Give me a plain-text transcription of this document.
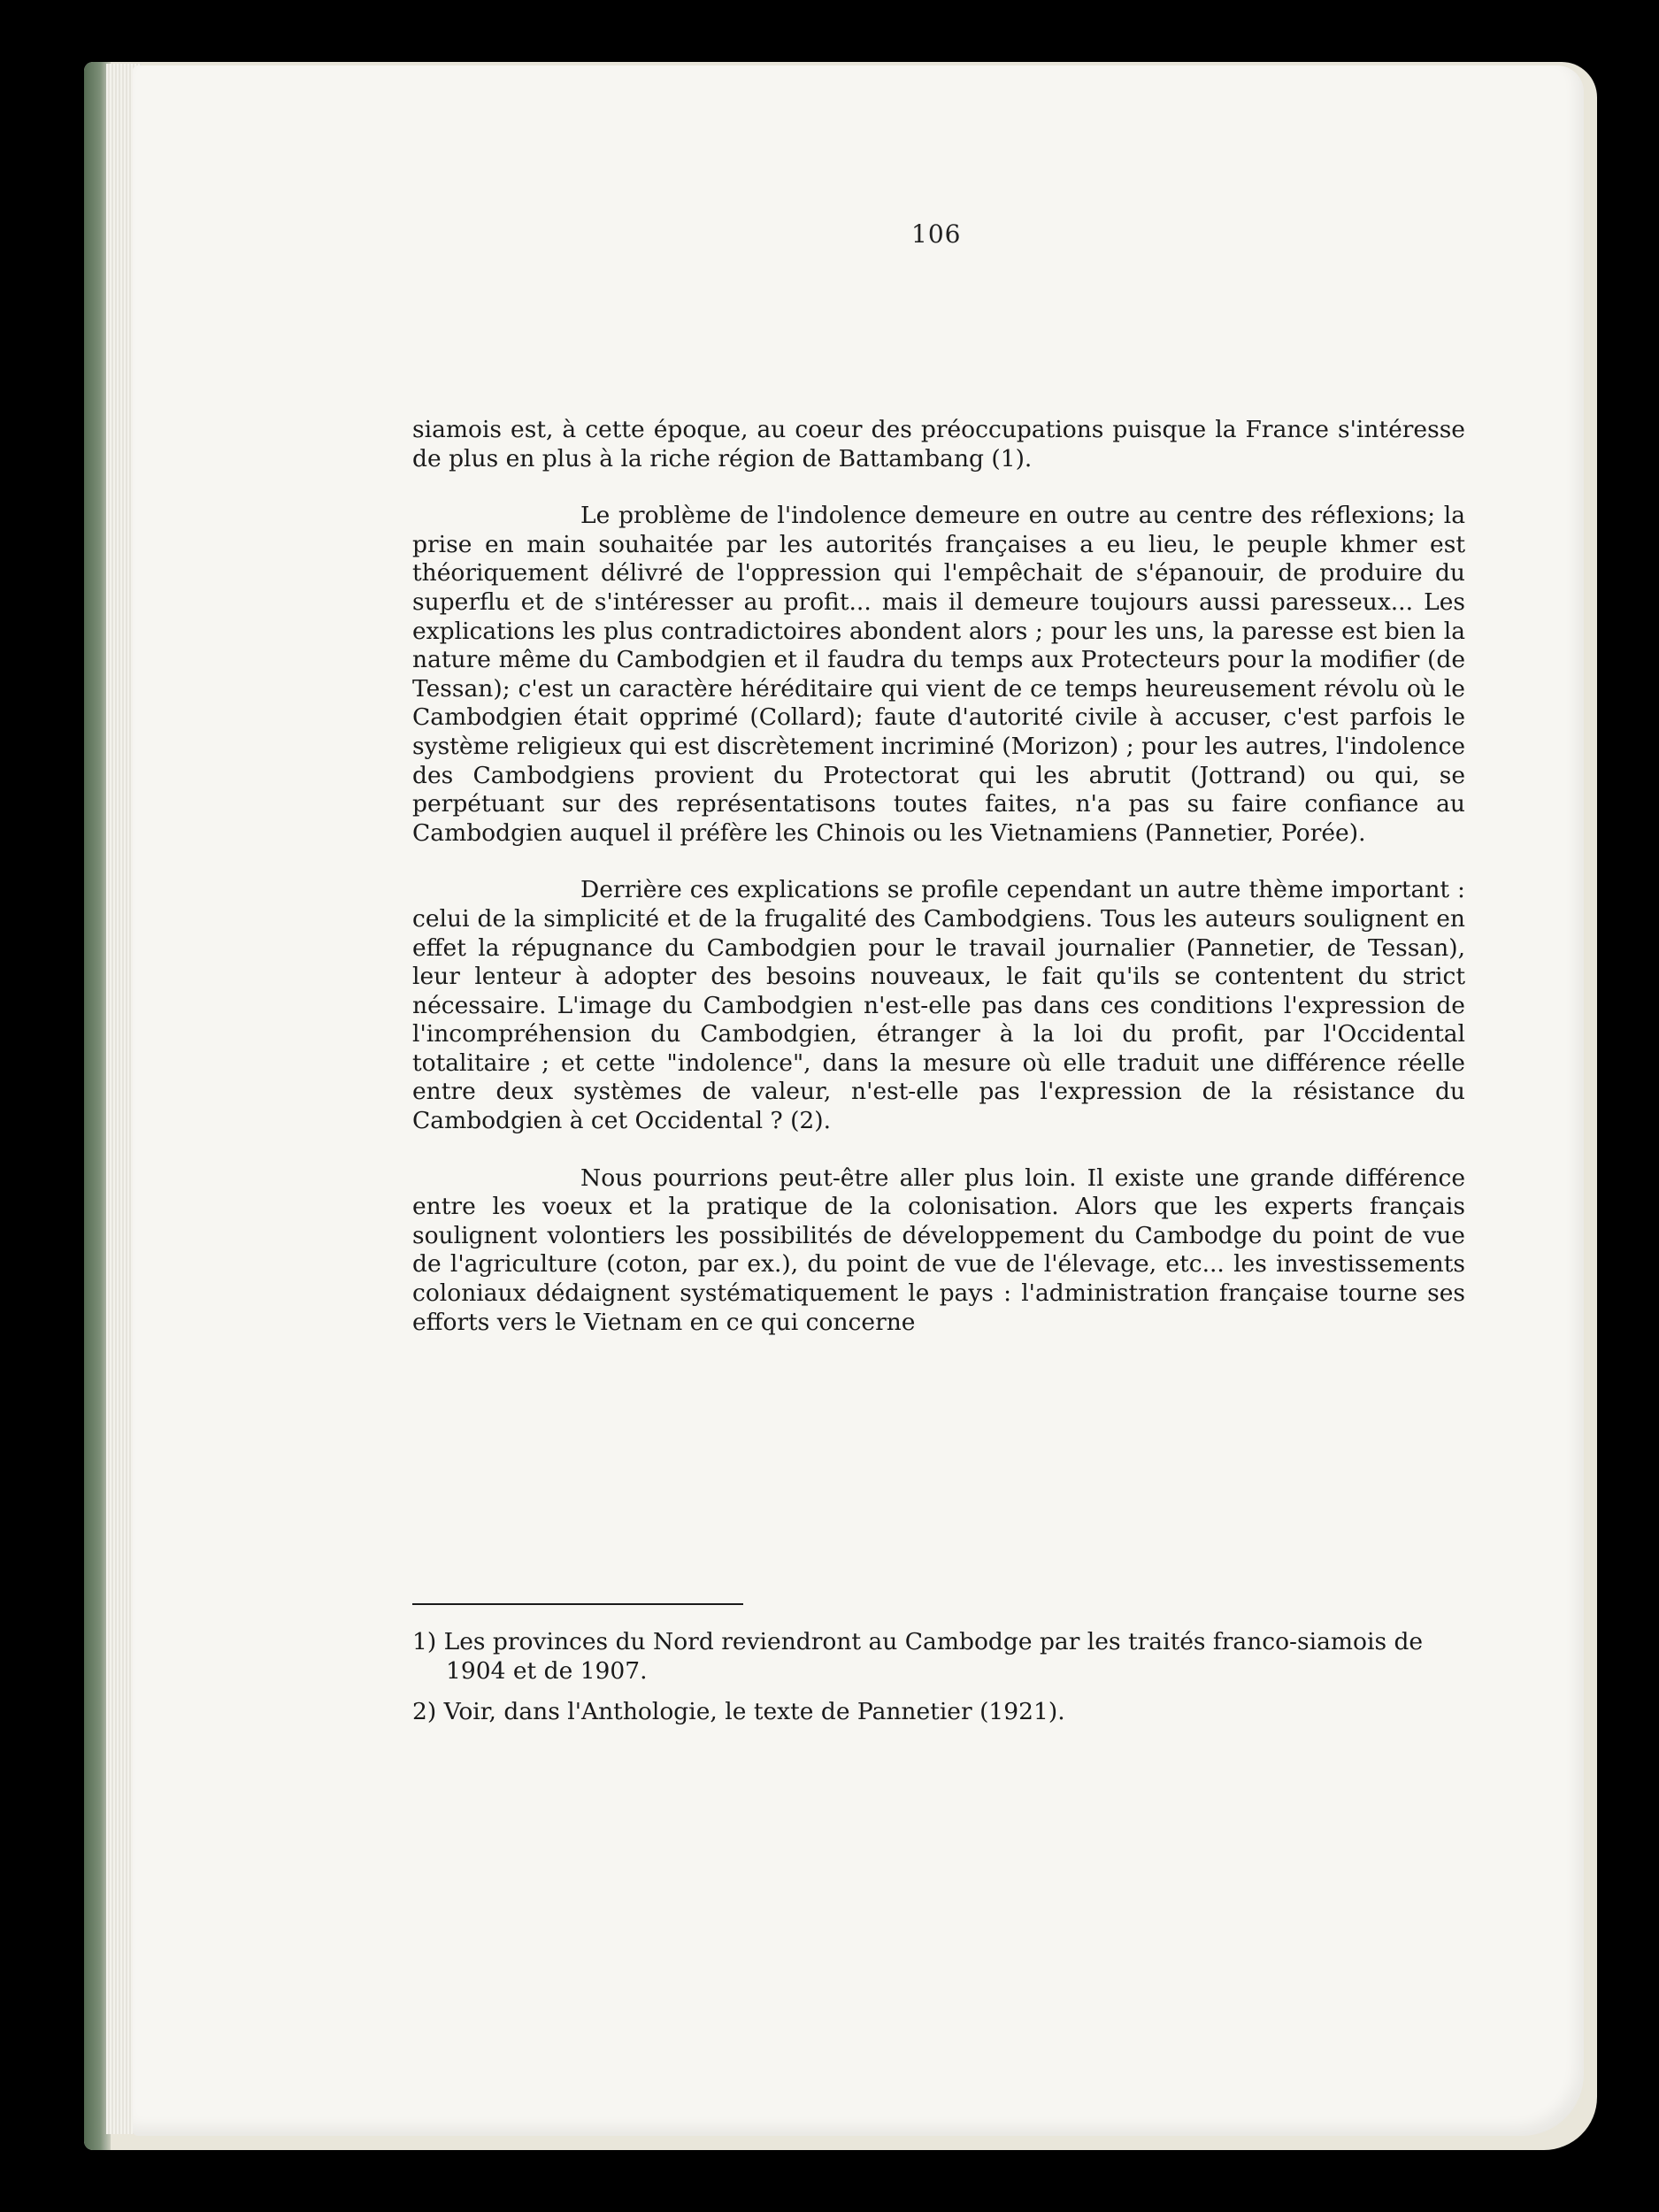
106

siamois est, à cette époque, au coeur des préoccupations puisque la France s'intéresse de plus en plus à la riche région de Battambang (1).

Le problème de l'indolence demeure en outre au centre des réflexions; la prise en main souhaitée par les autorités françaises a eu lieu, le peuple khmer est théoriquement délivré de l'oppression qui l'empêchait de s'épanouir, de produire du superflu et de s'intéresser au profit... mais il demeure toujours aussi paresseux... Les explications les plus contradictoires abondent alors ; pour les uns, la paresse est bien la nature même du Cambodgien et il faudra du temps aux Protecteurs pour la modifier (de Tessan); c'est un caractère héréditaire qui vient de ce temps heureusement révolu où le Cambodgien était opprimé (Collard); faute d'autorité civile à accuser, c'est parfois le système religieux qui est discrètement incriminé (Morizon) ; pour les autres, l'indolence des Cambodgiens provient du Protectorat qui les abrutit (Jottrand) ou qui, se perpétuant sur des représentatisons toutes faites, n'a pas su faire confiance au Cambodgien auquel il préfère les Chinois ou les Vietnamiens (Pannetier, Porée).

Derrière ces explications se profile cependant un autre thème important : celui de la simplicité et de la frugalité des Cambodgiens. Tous les auteurs soulignent en effet la répugnance du Cambodgien pour le travail journalier (Pannetier, de Tessan), leur lenteur à adopter des besoins nouveaux, le fait qu'ils se contentent du strict nécessaire. L'image du Cambodgien n'est-elle pas dans ces conditions l'expression de l'incompréhension du Cambodgien, étranger à la loi du profit, par l'Occidental totalitaire ; et cette "indolence", dans la mesure où elle traduit une différence réelle entre deux systèmes de valeur, n'est-elle pas l'expression de la résistance du Cambodgien à cet Occidental ? (2).

Nous pourrions peut-être aller plus loin. Il existe une grande différence entre les voeux et la pratique de la colonisation. Alors que les experts français soulignent volontiers les possibilités de développement du Cambodge du point de vue de l'agriculture (coton, par ex.), du point de vue de l'élevage, etc... les investissements coloniaux dédaignent systématiquement le pays : l'administration française tourne ses efforts vers le Vietnam en ce qui concerne

1) Les provinces du Nord reviendront au Cambodge par les traités franco-siamois de 1904 et de 1907.

2) Voir, dans l'Anthologie, le texte de Pannetier (1921).
